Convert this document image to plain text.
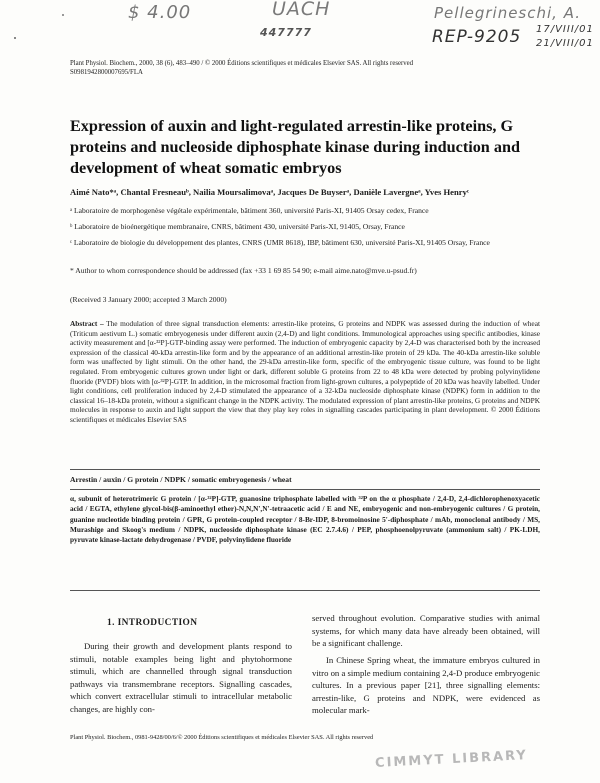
$ 4.00	UACH
447777
Pellegrineschi, A.
REP-9205 17/VIII/01
21/VIII/01
Plant Physiol. Biochem., 2000, 38 (6), 483–490 / © 2000 Éditions scientifiques et médicales Elsevier SAS. All rights reserved
S0981942800007695/FLA
Expression of auxin and light-regulated arrestin-like proteins, G proteins and nucleoside diphosphate kinase during induction and development of wheat somatic embryos
Aimé Nato*ᵃ, Chantal Fresneauᵇ, Nailia Moursalimovaᵃ, Jacques De Buyserᵃ, Danièle Lavergneᵃ, Yves Henryᶜ
ᵃ Laboratoire de morphogenèse végétale expérimentale, bâtiment 360, université Paris-XI, 91405 Orsay cedex, France
ᵇ Laboratoire de bioénergétique membranaire, CNRS, bâtiment 430, université Paris-XI, 91405, Orsay, France
ᶜ Laboratoire de biologie du développement des plantes, CNRS (UMR 8618), IBP, bâtiment 630, université Paris-XI, 91405 Orsay, France
* Author to whom correspondence should be addressed (fax +33 1 69 85 54 90; e-mail aime.nato@mve.u-psud.fr)
(Received 3 January 2000; accepted 3 March 2000)
Abstract – The modulation of three signal transduction elements: arrestin-like proteins, G proteins and NDPK was assessed during the induction of wheat (Triticum aestivum L.) somatic embryogenesis under different auxin (2,4-D) and light conditions. Immunological approaches using specific antibodies, kinase activity measurement and [α-³²P]-GTP-binding assay were performed. The induction of embryogenic capacity by 2,4-D was characterised both by the increased expression of the classical 40-kDa arrestin-like form and by the appearance of an additional arrestin-like protein of 29 kDa. The 40-kDa arrestin-like soluble form was unaffected by light stimuli. On the other hand, the 29-kDa arrestin-like form, specific of the embryogenic tissue culture, was found to be light regulated. From embryogenic cultures grown under light or dark, different soluble G proteins from 22 to 48 kDa were detected by probing polyvinylidene fluoride (PVDF) blots with [α-³²P]-GTP. In addition, in the microsomal fraction from light-grown cultures, a polypeptide of 20 kDa was heavily labelled. Under light conditions, cell proliferation induced by 2,4-D stimulated the appearance of a 32-kDa nucleoside diphosphate kinase (NDPK) form in addition to the classical 16–18-kDa protein, without a significant change in the NDPK activity. The modulated expression of plant arrestin-like proteins, G proteins and NDPK molecules in response to auxin and light support the view that they play key roles in signalling cascades participating in plant development. © 2000 Éditions scientifiques et médicales Elsevier SAS
Arrestin / auxin / G protein / NDPK / somatic embryogenesis / wheat
α, subunit of heterotrimeric G protein / [α-³²P]-GTP, guanosine triphosphate labelled with ³²P on the α phosphate / 2,4-D, 2,4-dichlorophenoxyacetic acid / EGTA, ethylene glycol-bis(β-aminoethyl ether)-N,N,N',N'-tetraacetic acid / E and NE, embryogenic and non-embryogenic cultures / G protein, guanine nucleotide binding protein / GPR, G protein-coupled receptor / 8-Br-IDP, 8-bromoinosine 5'-diphosphate / mAb, monoclonal antibody / MS, Murashige and Skoog's medium / NDPK, nucleoside diphosphate kinase (EC 2.7.4.6) / PEP, phosphoenolpyruvate (ammonium salt) / PK-LDH, pyruvate kinase-lactate dehydrogenase / PVDF, polyvinylidene fluoride
1. INTRODUCTION
During their growth and development plants respond to stimuli, notable examples being light and phytohormone stimuli, which are channelled through signal transduction pathways via transmembrane receptors. Signalling cascades, which convert extracellular stimuli to intracellular metabolic changes, are highly con-
served throughout evolution. Comparative studies with animal systems, for which many data have already been obtained, will be a significant challenge.
In Chinese Spring wheat, the immature embryos cultured in vitro on a simple medium containing 2,4-D produce embryogenic cultures. In a previous paper [21], three signalling elements: arrestin-like, G proteins and NDPK, were evidenced as molecular mark-
Plant Physiol. Biochem., 0981-9428/00/6/© 2000 Éditions scientifiques et médicales Elsevier SAS. All rights reserved
CIMMYT LIBRARY
